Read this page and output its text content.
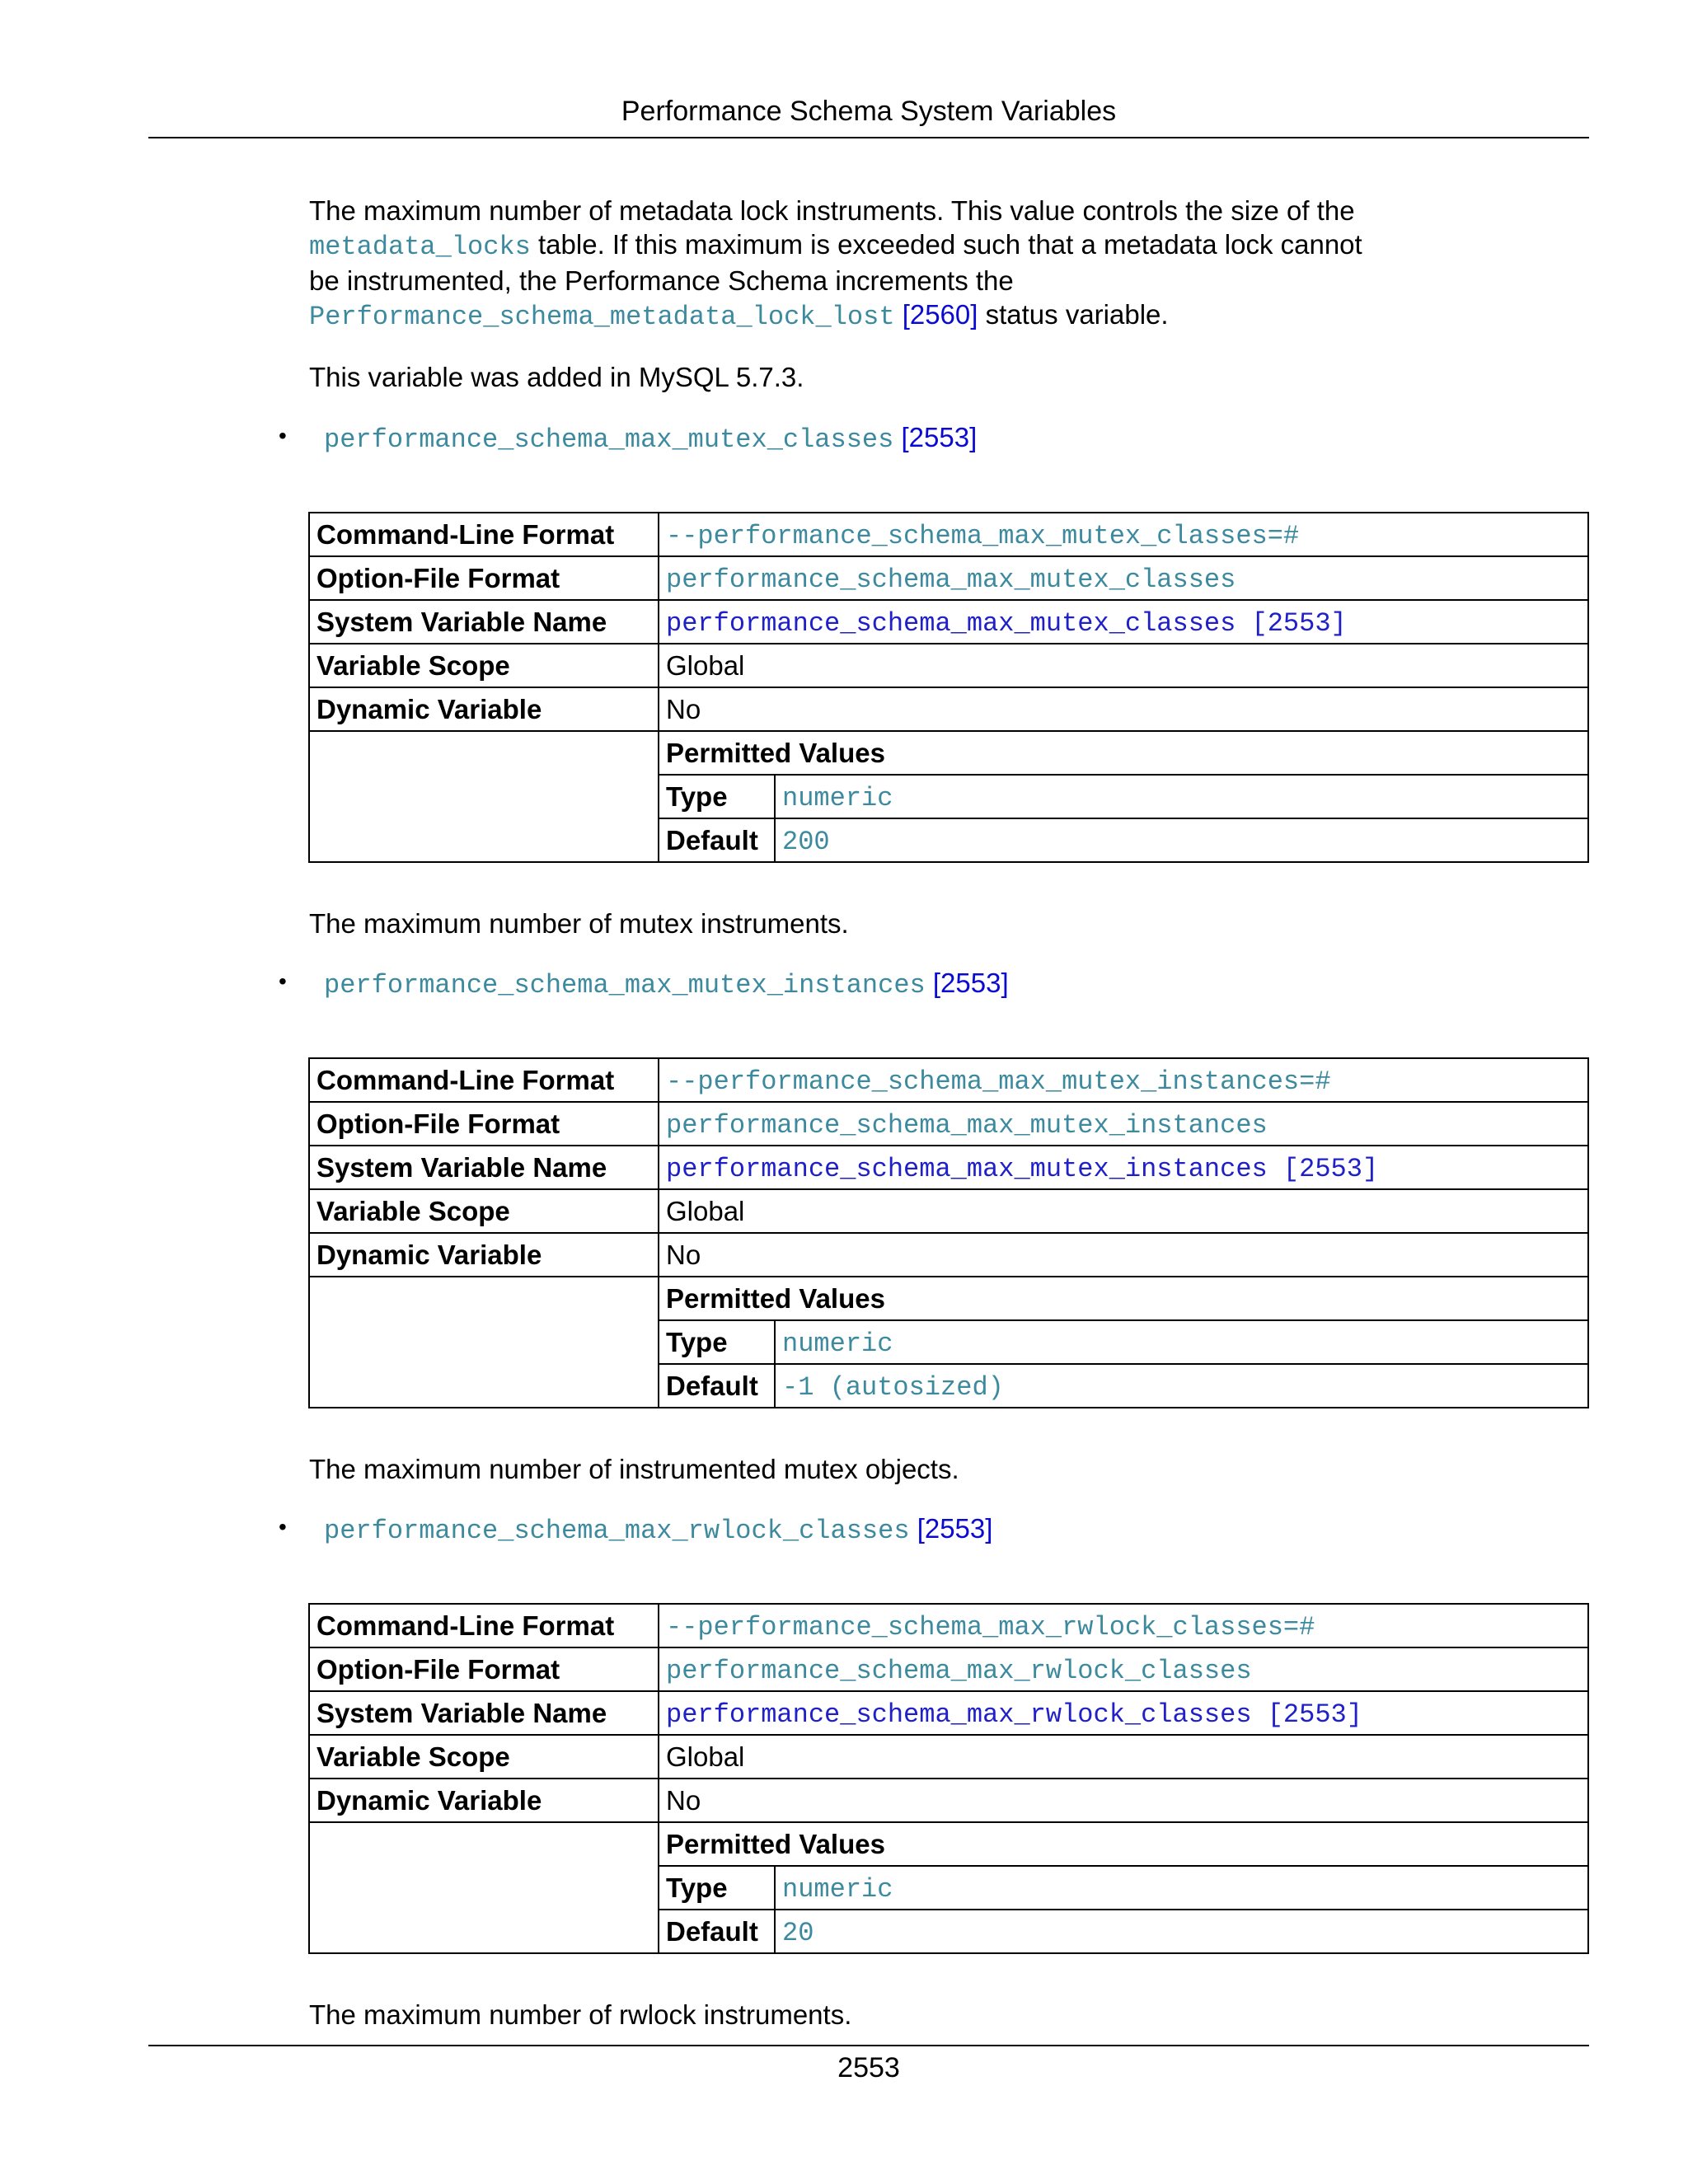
Performance Schema System Variables

The maximum number of metadata lock instruments. This value controls the size of the metadata_locks table. If this maximum is exceeded such that a metadata lock cannot be instrumented, the Performance Schema increments the Performance_schema_metadata_lock_lost [2560] status variable.

This variable was added in MySQL 5.7.3.

• performance_schema_max_mutex_classes [2553]
Command-Line Format	--performance_schema_max_mutex_classes=#
Option-File Format	performance_schema_max_mutex_classes
System Variable Name	performance_schema_max_mutex_classes [2553]
Variable Scope	Global
Dynamic Variable	No

Permitted Values
Type	numeric
Default	200

The maximum number of mutex instruments.

• performance_schema_max_mutex_instances [2553]
Command-Line Format	--performance_schema_max_mutex_instances=#
Option-File Format	performance_schema_max_mutex_instances
System Variable Name	performance_schema_max_mutex_instances [2553]
Variable Scope	Global
Dynamic Variable	No

Permitted Values
Type	numeric
Default	-1 (autosized)

The maximum number of instrumented mutex objects.

• performance_schema_max_rwlock_classes [2553]
Command-Line Format	--performance_schema_max_rwlock_classes=#
Option-File Format	performance_schema_max_rwlock_classes
System Variable Name	performance_schema_max_rwlock_classes [2553]
Variable Scope	Global
Dynamic Variable	No

Permitted Values
Type	numeric
Default	20

The maximum number of rwlock instruments.

2553
